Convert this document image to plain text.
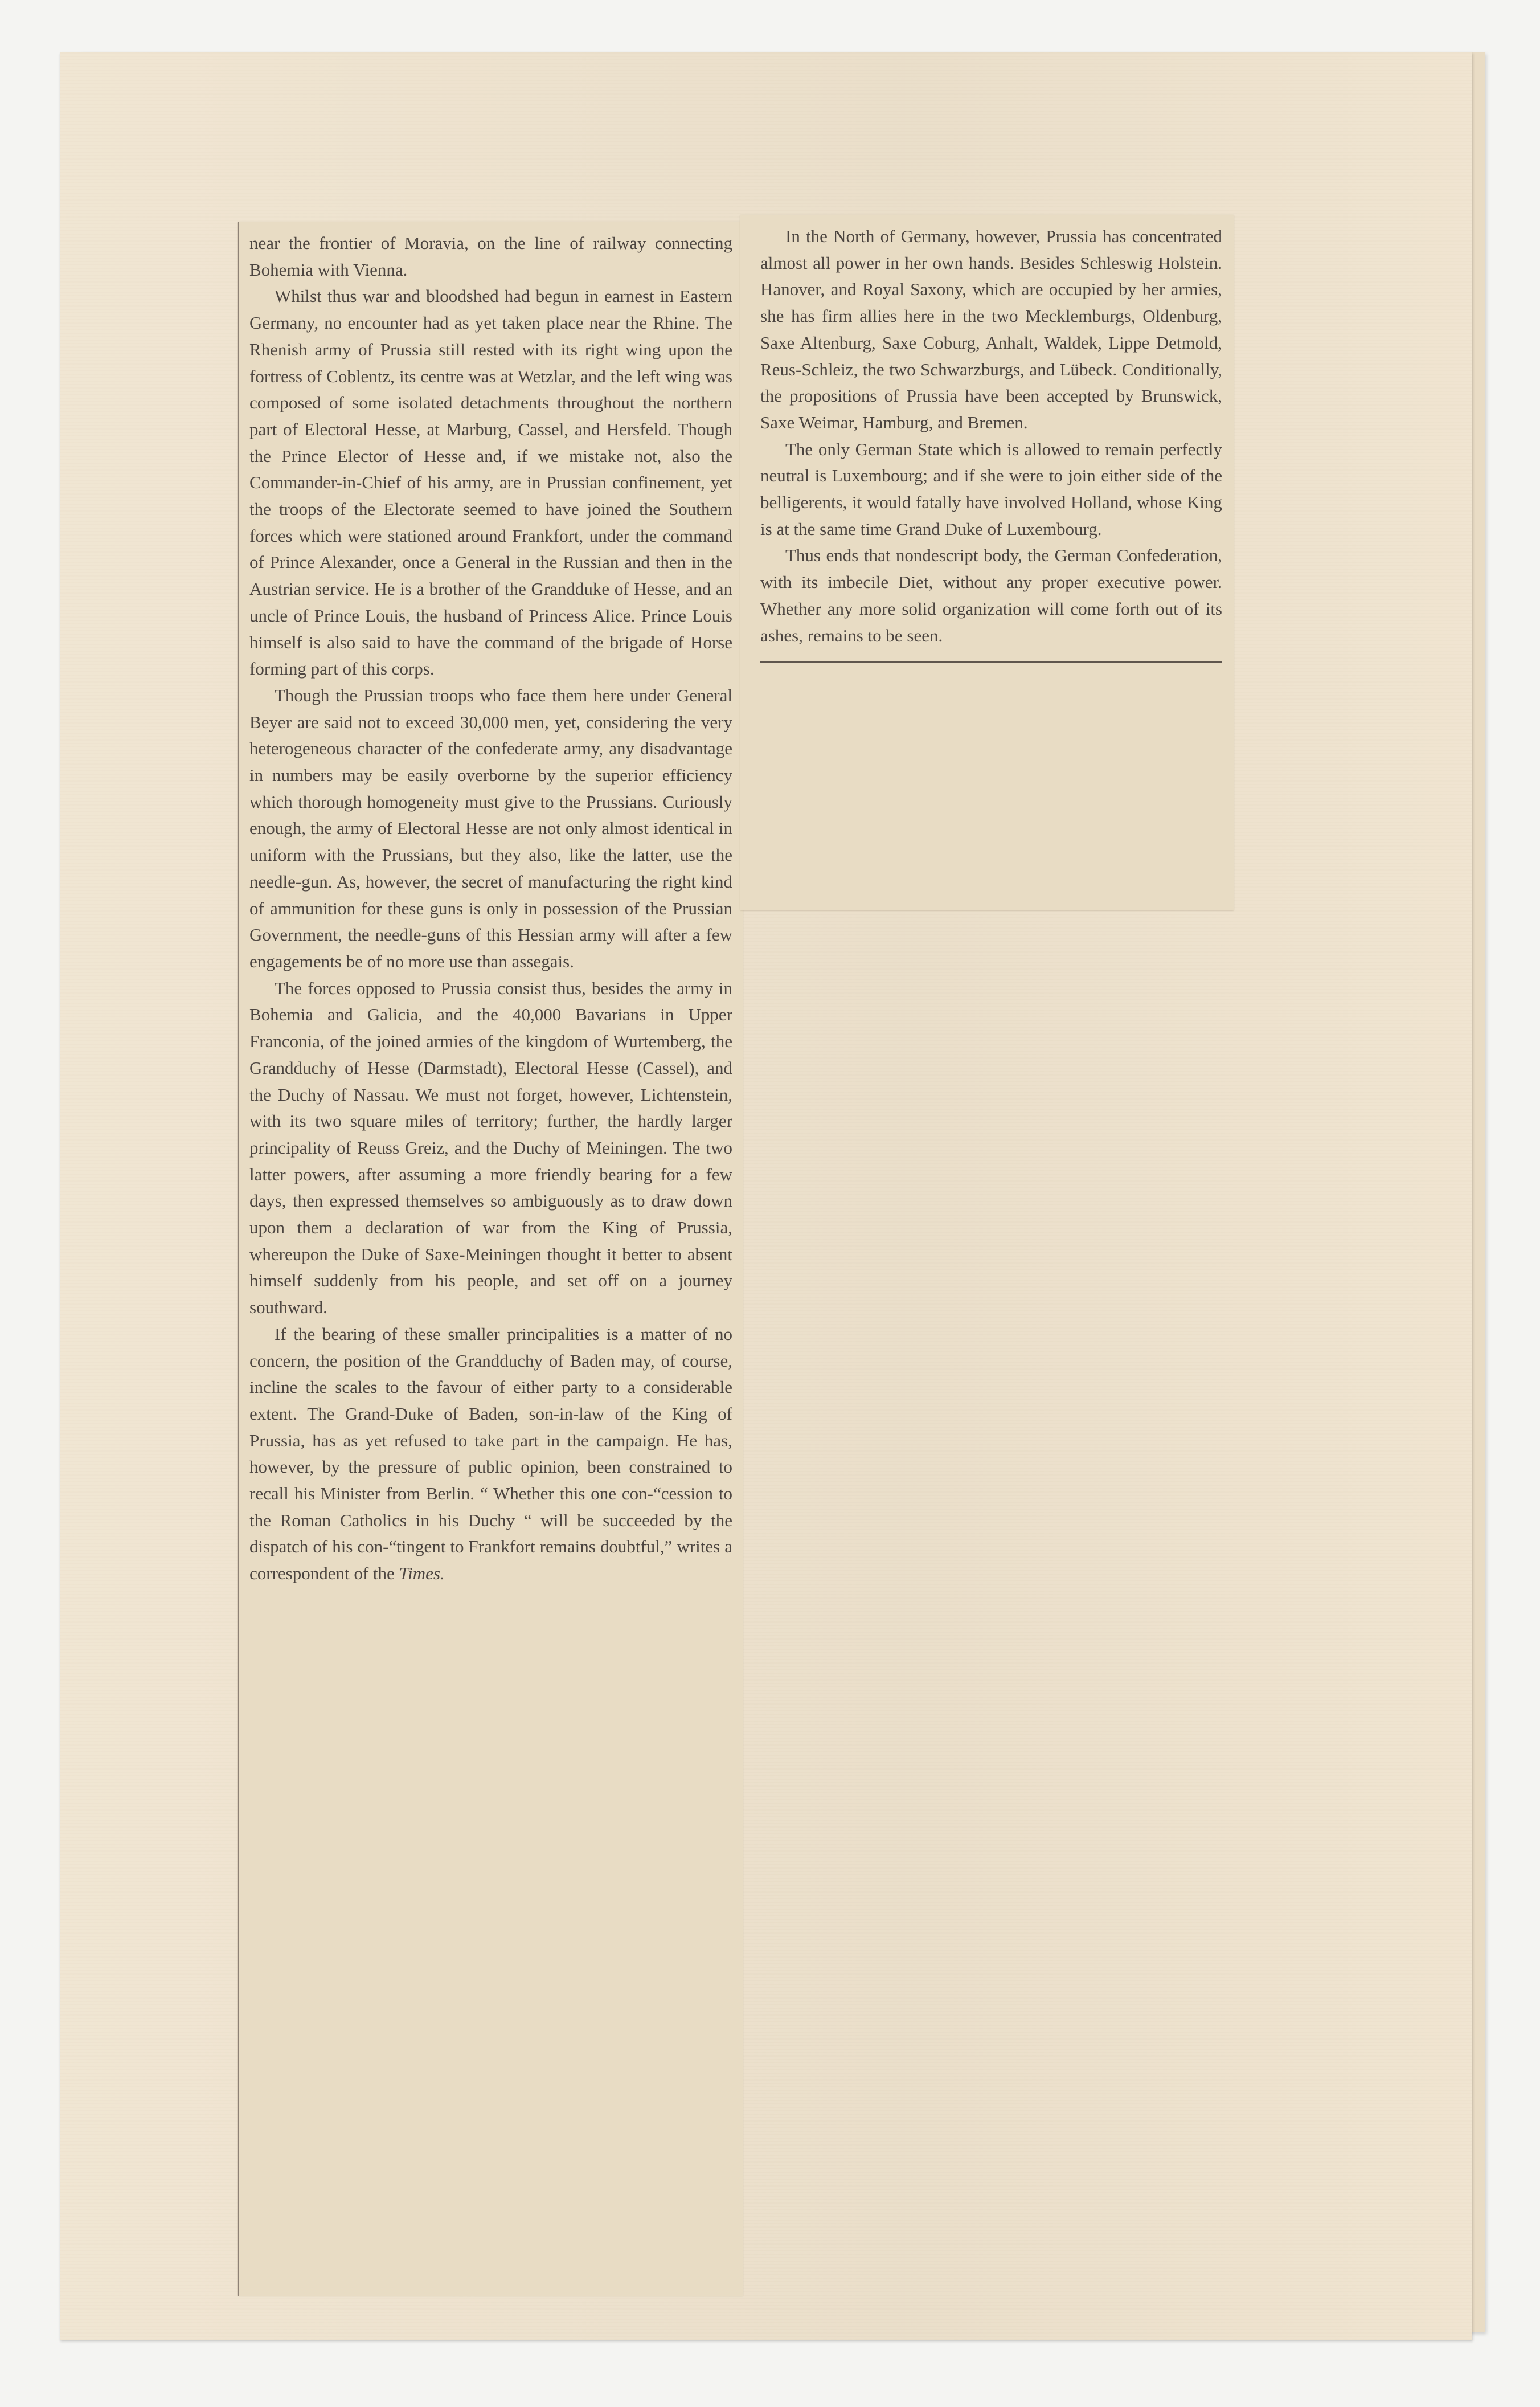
near the frontier of Moravia, on the line of railway connecting Bohemia with Vienna.

Whilst thus war and bloodshed had begun in earnest in Eastern Germany, no encounter had as yet taken place near the Rhine. The Rhenish army of Prussia still rested with its right wing upon the fortress of Coblentz, its centre was at Wetzlar, and the left wing was composed of some isolated detachments throughout the northern part of Electoral Hesse, at Marburg, Cassel, and Hersfeld. Though the Prince Elector of Hesse and, if we mistake not, also the Commander-in-Chief of his army, are in Prussian confinement, yet the troops of the Electorate seemed to have joined the Southern forces which were stationed around Frankfort, under the command of Prince Alexander, once a General in the Russian and then in the Austrian service. He is a brother of the Grandduke of Hesse, and an uncle of Prince Louis, the husband of Princess Alice. Prince Louis himself is also said to have the command of the brigade of Horse forming part of this corps.

Though the Prussian troops who face them here under General Beyer are said not to exceed 30,000 men, yet, considering the very heterogeneous character of the confederate army, any disadvantage in numbers may be easily overborne by the superior efficiency which thorough homogeneity must give to the Prussians. Curiously enough, the army of Electoral Hesse are not only almost identical in uniform with the Prussians, but they also, like the latter, use the needle-gun. As, however, the secret of manufacturing the right kind of ammunition for these guns is only in possession of the Prussian Government, the needle-guns of this Hessian army will after a few engagements be of no more use than assegais.

The forces opposed to Prussia consist thus, besides the army in Bohemia and Galicia, and the 40,000 Bavarians in Upper Franconia, of the joined armies of the kingdom of Wurtemberg, the Grandduchy of Hesse (Darmstadt), Electoral Hesse (Cassel), and the Duchy of Nassau. We must not forget, however, Lichtenstein, with its two square miles of territory; further, the hardly larger principality of Reuss Greiz, and the Duchy of Meiningen. The two latter powers, after assuming a more friendly bearing for a few days, then expressed themselves so ambiguously as to draw down upon them a declaration of war from the King of Prussia, whereupon the Duke of Saxe-Meiningen thought it better to absent himself suddenly from his people, and set off on a journey southward.

If the bearing of these smaller principalities is a matter of no concern, the position of the Grandduchy of Baden may, of course, incline the scales to the favour of either party to a considerable extent. The Grand-Duke of Baden, son-in-law of the King of Prussia, has as yet refused to take part in the campaign. He has, however, by the pressure of public opinion, been constrained to recall his Minister from Berlin. “ Whether this one con-“cession to the Roman Catholics in his Duchy “ will be succeeded by the dispatch of his con-“tingent to Frankfort remains doubtful,” writes a correspondent of the Times.

In the North of Germany, however, Prussia has concentrated almost all power in her own hands. Besides Schleswig Holstein. Hanover, and Royal Saxony, which are occupied by her armies, she has firm allies here in the two Mecklemburgs, Oldenburg, Saxe Altenburg, Saxe Coburg, Anhalt, Waldek, Lippe Detmold, Reus-Schleiz, the two Schwarzburgs, and Lübeck. Conditionally, the propositions of Prussia have been accepted by Brunswick, Saxe Weimar, Hamburg, and Bremen.

The only German State which is allowed to remain perfectly neutral is Luxembourg; and if she were to join either side of the belligerents, it would fatally have involved Holland, whose King is at the same time Grand Duke of Luxembourg.

Thus ends that nondescript body, the German Confederation, with its imbecile Diet, without any proper executive power. Whether any more solid organization will come forth out of its ashes, remains to be seen.
